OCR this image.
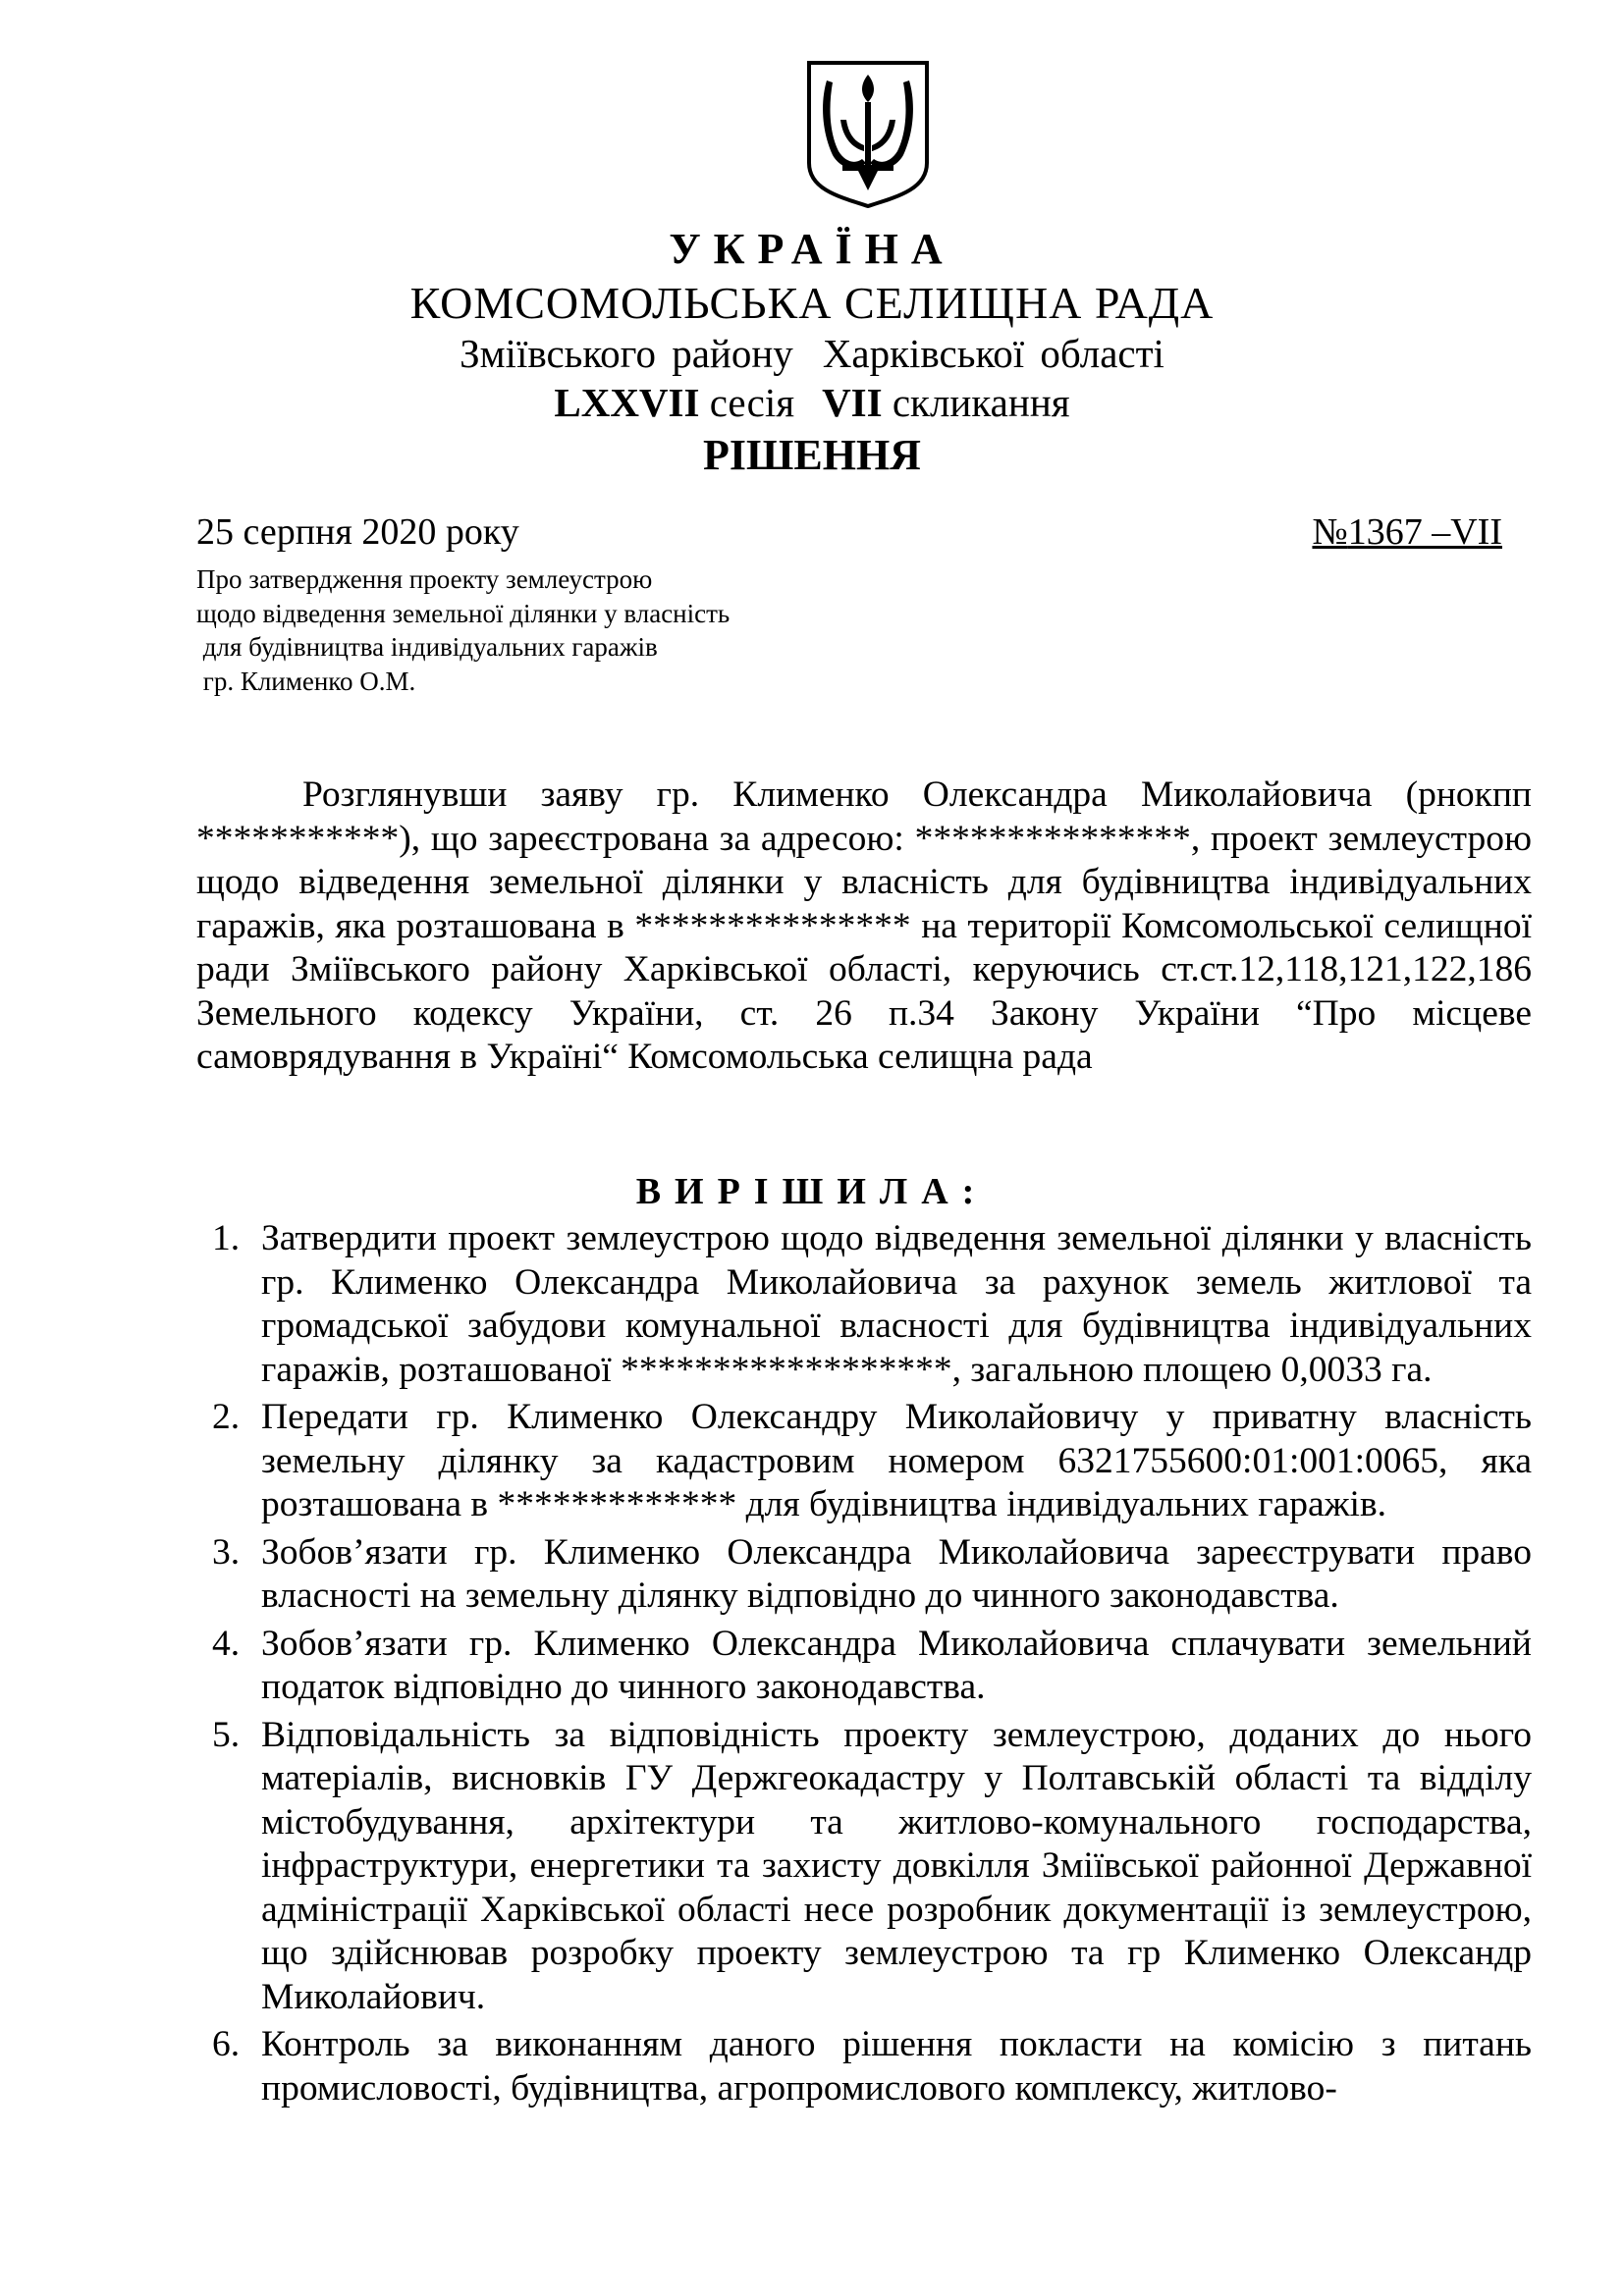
УКРАЇНА
КОМСОМОЛЬСЬКА СЕЛИЩНА РАДА
Зміївського району Харківської області
LXXVII сесія VII скликання
РІШЕННЯ
25 серпня 2020 року	№1367 –VII
Про затвердження проекту землеустрою
щодо відведення земельної ділянки у власність
для будівництва індивідуальних гаражів
гр. Клименко О.М.
Розглянувши заяву гр. Клименко Олександра Миколайовича (рнокпп ***********), що зареєстрована за адресою: ***************, проект землеустрою щодо відведення земельної ділянки у власність для будівництва індивідуальних гаражів, яка розташована в *************** на території Комсомольської селищної ради Зміївського району Харківської області, керуючись ст.ст.12,118,121,122,186 Земельного кодексу України, ст. 26 п.34 Закону України “Про місцеве самоврядування в Україні“ Комсомольська селищна рада
ВИРІШИЛА:
1. Затвердити проект землеустрою щодо відведення земельної ділянки у власність гр. Клименко Олександра Миколайовича за рахунок земель житлової та громадської забудови комунальної власності для будівництва індивідуальних гаражів, розташованої ******************, загальною площею 0,0033 га.
2. Передати гр. Клименко Олександру Миколайовичу у приватну власність земельну ділянку за кадастровим номером 6321755600:01:001:0065, яка розташована в ************* для будівництва індивідуальних гаражів.
3. Зобов’язати гр. Клименко Олександра Миколайовича зареєструвати право власності на земельну ділянку відповідно до чинного законодавства.
4. Зобов’язати гр. Клименко Олександра Миколайовича сплачувати земельний податок відповідно до чинного законодавства.
5. Відповідальність за відповідність проекту землеустрою, доданих до нього матеріалів, висновків ГУ Держгеокадастру у Полтавській області та відділу містобудування, архітектури та житлово-комунального господарства, інфраструктури, енергетики та захисту довкілля Зміївської районної Державної адміністрації Харківської області несе розробник документації із землеустрою, що здійснював розробку проекту землеустрою та гр Клименко Олександр Миколайович.
6. Контроль за виконанням даного рішення покласти на комісію з питань промисловості, будівництва, агропромислового комплексу, житлово-
